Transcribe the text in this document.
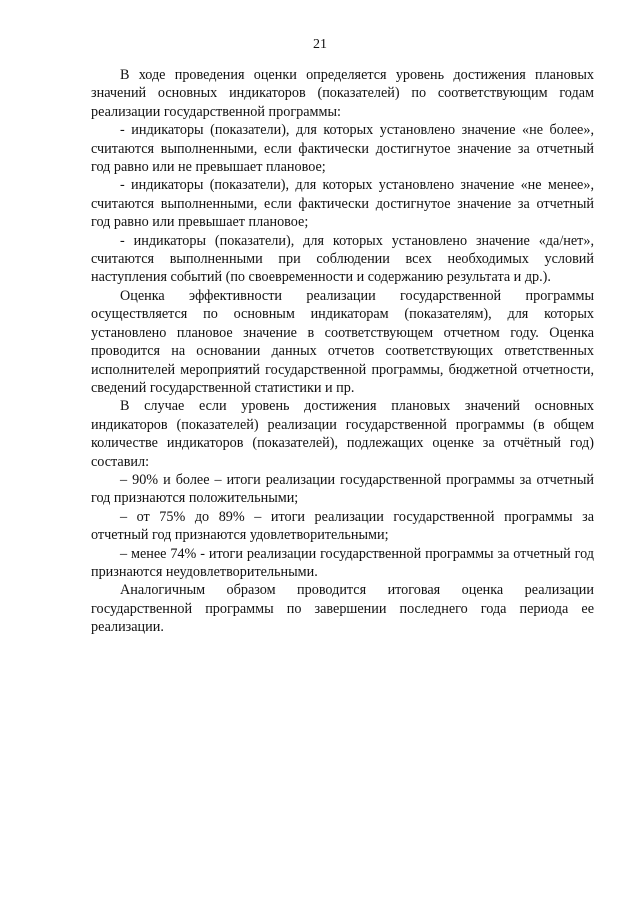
21

В ходе проведения оценки определяется уровень достижения плановых значений основных индикаторов (показателей) по соответствующим годам реализации государственной программы:

- индикаторы (показатели), для которых установлено значение «не более», считаются выполненными, если фактически достигнутое значение за отчетный год равно или не превышает плановое;

- индикаторы (показатели), для которых установлено значение «не менее», считаются выполненными, если фактически достигнутое значение за отчетный год равно или превышает плановое;

- индикаторы (показатели), для которых установлено значение «да/нет», считаются выполненными при соблюдении всех необходимых условий наступления событий (по своевременности и содержанию результата и др.).

Оценка эффективности реализации государственной программы осуществляется по основным индикаторам (показателям), для которых установлено плановое значение в соответствующем отчетном году. Оценка проводится на основании данных отчетов соответствующих ответственных исполнителей мероприятий государственной программы, бюджетной отчетности, сведений государственной статистики и пр.

В случае если уровень достижения плановых значений основных индикаторов (показателей) реализации государственной программы (в общем количестве индикаторов (показателей), подлежащих оценке за отчётный год) составил:

– 90% и более – итоги реализации государственной программы за отчетный год признаются положительными;

– от 75% до 89% – итоги реализации государственной программы за отчетный год признаются удовлетворительными;

– менее 74% - итоги реализации государственной программы за отчетный год признаются неудовлетворительными.

Аналогичным образом проводится итоговая оценка реализации государственной программы по завершении последнего года периода ее реализации.
